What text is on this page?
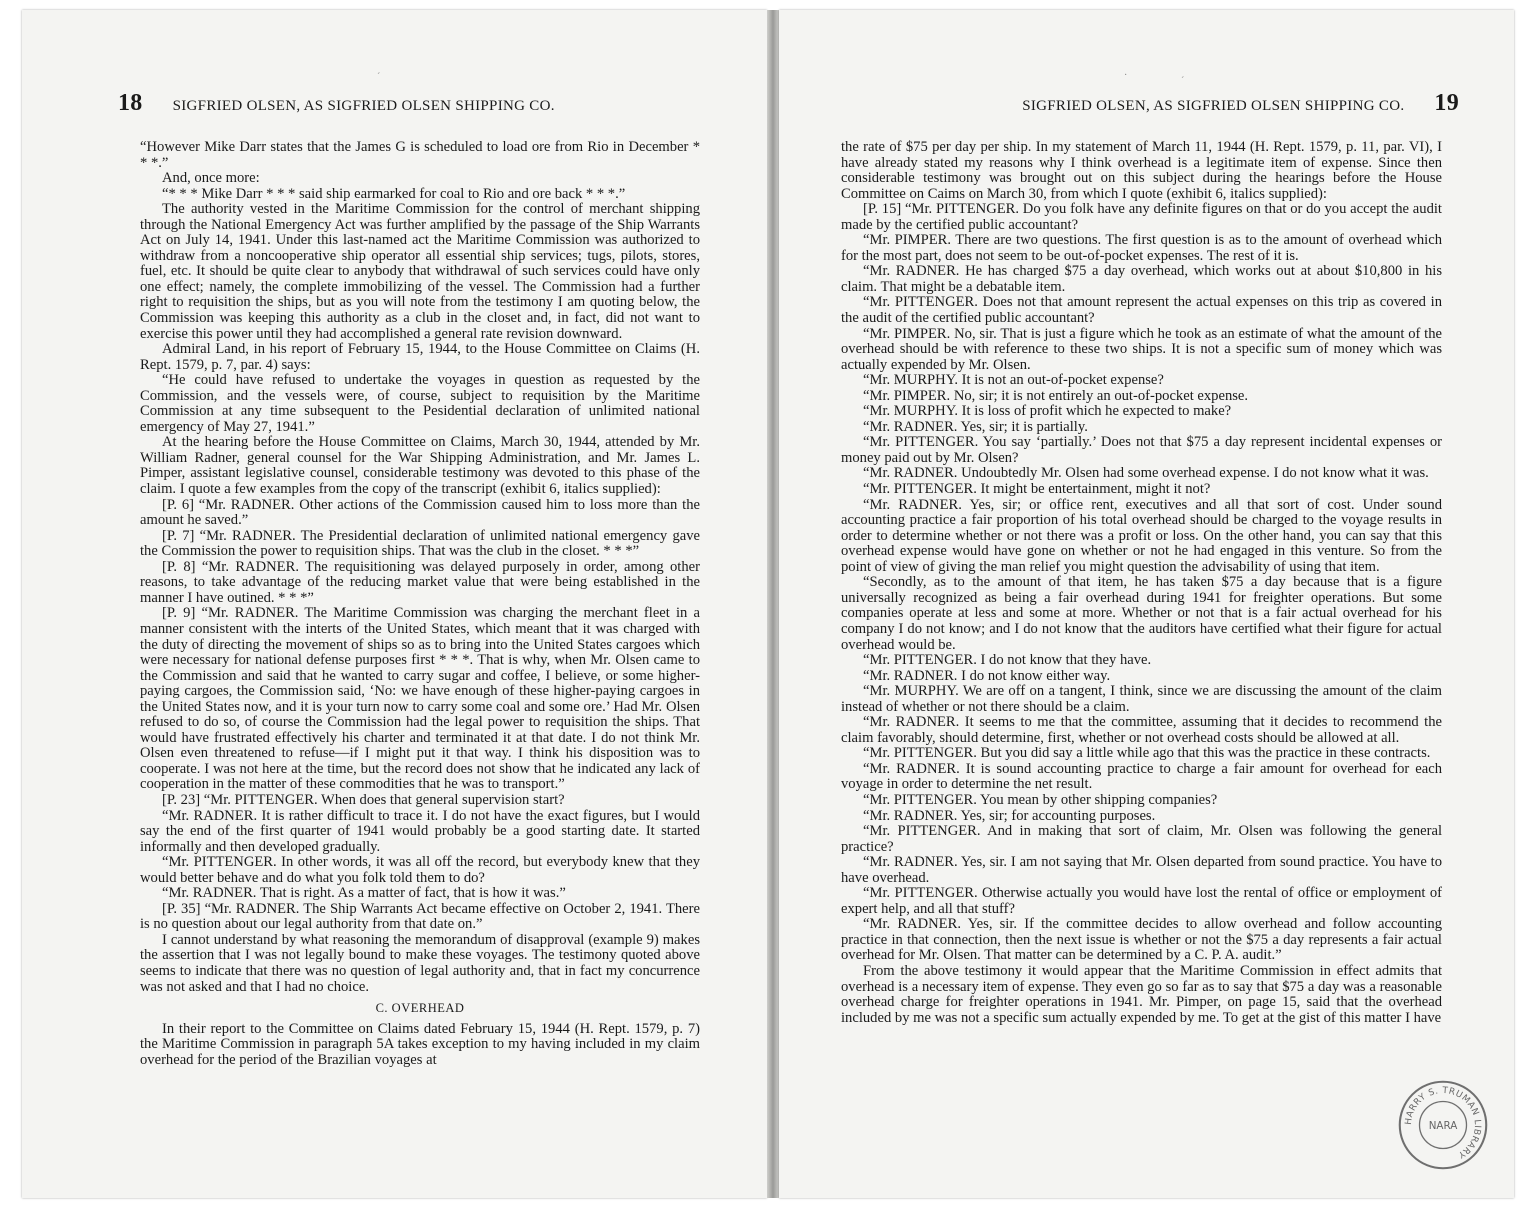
ˊ
18 SIGFRIED OLSEN, AS SIGFRIED OLSEN SHIPPING CO.

“However Mike Darr states that the James G is scheduled to load ore from Rio in December * * *.”

And, once more:

“* * * Mike Darr * * * said ship earmarked for coal to Rio and ore back * * *.”

The authority vested in the Maritime Commission for the control of merchant shipping through the National Emergency Act was further amplified by the passage of the Ship Warrants Act on July 14, 1941. Under this last-named act the Maritime Commission was authorized to withdraw from a noncooperative ship operator all essential ship services; tugs, pilots, stores, fuel, etc. It should be quite clear to anybody that withdrawal of such services could have only one effect; namely, the complete immobilizing of the vessel. The Commission had a further right to requisition the ships, but as you will note from the testimony I am quoting below, the Commission was keeping this authority as a club in the closet and, in fact, did not want to exercise this power until they had accomplished a general rate revision downward.

Admiral Land, in his report of February 15, 1944, to the House Committee on Claims (H. Rept. 1579, p. 7, par. 4) says:

“He could have refused to undertake the voyages in question as requested by the Commission, and the vessels were, of course, subject to requisition by the Maritime Commission at any time subsequent to the Pesidential declaration of unlimited national emergency of May 27, 1941.”

At the hearing before the House Committee on Claims, March 30, 1944, attended by Mr. William Radner, general counsel for the War Shipping Administration, and Mr. James L. Pimper, assistant legislative counsel, considerable testimony was devoted to this phase of the claim. I quote a few examples from the copy of the transcript (exhibit 6, italics supplied):

[P. 6] “Mr. RADNER. Other actions of the Commission caused him to loss more than the amount he saved.”

[P. 7] “Mr. RADNER. The Presidential declaration of unlimited national emergency gave the Commission the power to requisition ships. That was the club in the closet. * * *”

[P. 8] “Mr. RADNER. The requisitioning was delayed purposely in order, among other reasons, to take advantage of the reducing market value that were being established in the manner I have outined. * * *”

[P. 9] “Mr. RADNER. The Maritime Commission was charging the merchant fleet in a manner consistent with the interts of the United States, which meant that it was charged with the duty of directing the movement of ships so as to bring into the United States cargoes which were necessary for national defense purposes first * * *. That is why, when Mr. Olsen came to the Commission and said that he wanted to carry sugar and coffee, I believe, or some higher-paying cargoes, the Commission said, ‘No: we have enough of these higher-paying cargoes in the United States now, and it is your turn now to carry some coal and some ore.’ Had Mr. Olsen refused to do so, of course the Commission had the legal power to requisition the ships. That would have frustrated effectively his charter and terminated it at that date. I do not think Mr. Olsen even threatened to refuse—if I might put it that way. I think his disposition was to cooperate. I was not here at the time, but the record does not show that he indicated any lack of cooperation in the matter of these commodities that he was to transport.”

[P. 23] “Mr. PITTENGER. When does that general supervision start?

“Mr. RADNER. It is rather difficult to trace it. I do not have the exact figures, but I would say the end of the first quarter of 1941 would probably be a good starting date. It started informally and then developed gradually.

“Mr. PITTENGER. In other words, it was all off the record, but everybody knew that they would better behave and do what you folk told them to do?

“Mr. RADNER. That is right. As a matter of fact, that is how it was.”

[P. 35] “Mr. RADNER. The Ship Warrants Act became effective on October 2, 1941. There is no question about our legal authority from that date on.”

I cannot understand by what reasoning the memorandum of disapproval (example 9) makes the assertion that I was not legally bound to make these voyages. The testimony quoted above seems to indicate that there was no question of legal authority and, that in fact my concurrence was not asked and that I had no choice.

C. OVERHEAD

In their report to the Committee on Claims dated February 15, 1944 (H. Rept. 1579, p. 7) the Maritime Commission in paragraph 5A takes exception to my having included in my claim overhead for the period of the Brazilian voyages at

·
ˊ
SIGFRIED OLSEN, AS SIGFRIED OLSEN SHIPPING CO. 19

the rate of $75 per day per ship. In my statement of March 11, 1944 (H. Rept. 1579, p. 11, par. VI), I have already stated my reasons why I think overhead is a legitimate item of expense. Since then considerable testimony was brought out on this subject during the hearings before the House Committee on Caims on March 30, from which I quote (exhibit 6, italics supplied):

[P. 15] “Mr. PITTENGER. Do you folk have any definite figures on that or do you accept the audit made by the certified public accountant?

“Mr. PIMPER. There are two questions. The first question is as to the amount of overhead which for the most part, does not seem to be out-of-pocket expenses. The rest of it is.

“Mr. RADNER. He has charged $75 a day overhead, which works out at about $10,800 in his claim. That might be a debatable item.

“Mr. PITTENGER. Does not that amount represent the actual expenses on this trip as covered in the audit of the certified public accountant?

“Mr. PIMPER. No, sir. That is just a figure which he took as an estimate of what the amount of the overhead should be with reference to these two ships. It is not a specific sum of money which was actually expended by Mr. Olsen.

“Mr. MURPHY. It is not an out-of-pocket expense?

“Mr. PIMPER. No, sir; it is not entirely an out-of-pocket expense.

“Mr. MURPHY. It is loss of profit which he expected to make?

“Mr. RADNER. Yes, sir; it is partially.

“Mr. PITTENGER. You say ‘partially.’ Does not that $75 a day represent incidental expenses or money paid out by Mr. Olsen?

“Mr. RADNER. Undoubtedly Mr. Olsen had some overhead expense. I do not know what it was.

“Mr. PITTENGER. It might be entertainment, might it not?

“Mr. RADNER. Yes, sir; or office rent, executives and all that sort of cost. Under sound accounting practice a fair proportion of his total overhead should be charged to the voyage results in order to determine whether or not there was a profit or loss. On the other hand, you can say that this overhead expense would have gone on whether or not he had engaged in this venture. So from the point of view of giving the man relief you might question the advisability of using that item.

“Secondly, as to the amount of that item, he has taken $75 a day because that is a figure universally recognized as being a fair overhead during 1941 for freighter operations. But some companies operate at less and some at more. Whether or not that is a fair actual overhead for his company I do not know; and I do not know that the auditors have certified what their figure for actual overhead would be.

“Mr. PITTENGER. I do not know that they have.

“Mr. RADNER. I do not know either way.

“Mr. MURPHY. We are off on a tangent, I think, since we are discussing the amount of the claim instead of whether or not there should be a claim.

“Mr. RADNER. It seems to me that the committee, assuming that it decides to recommend the claim favorably, should determine, first, whether or not overhead costs should be allowed at all.

“Mr. PITTENGER. But you did say a little while ago that this was the practice in these contracts.

“Mr. RADNER. It is sound accounting practice to charge a fair amount for overhead for each voyage in order to determine the net result.

“Mr. PITTENGER. You mean by other shipping companies?

“Mr. RADNER. Yes, sir; for accounting purposes.

“Mr. PITTENGER. And in making that sort of claim, Mr. Olsen was following the general practice?

“Mr. RADNER. Yes, sir. I am not saying that Mr. Olsen departed from sound practice. You have to have overhead.

“Mr. PITTENGER. Otherwise actually you would have lost the rental of office or employment of expert help, and all that stuff?

“Mr. RADNER. Yes, sir. If the committee decides to allow overhead and follow accounting practice in that connection, then the next issue is whether or not the $75 a day represents a fair actual overhead for Mr. Olsen. That matter can be determined by a C. P. A. audit.”

From the above testimony it would appear that the Maritime Commission in effect admits that overhead is a necessary item of expense. They even go so far as to say that $75 a day was a reasonable overhead charge for freighter operations in 1941. Mr. Pimper, on page 15, said that the overhead included by me was not a specific sum actually expended by me. To get at the gist of this matter I have

HARRY S. TRUMAN LIBRARY
NARA
